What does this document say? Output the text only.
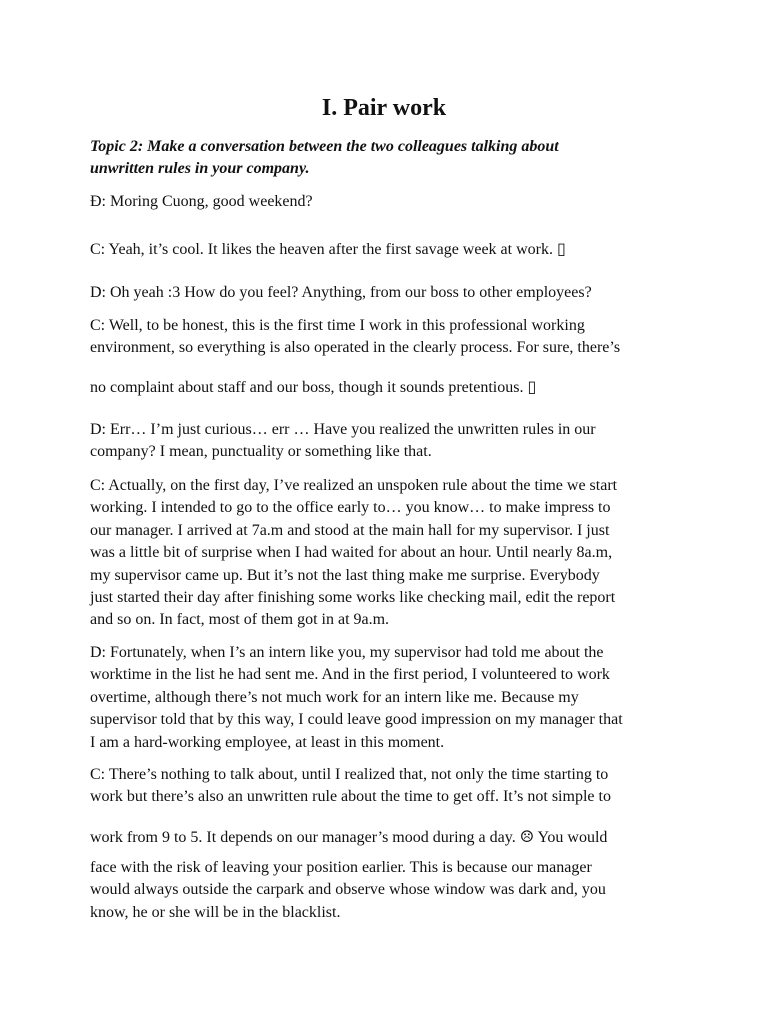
I. Pair work
Topic 2: Make a conversation between the two colleagues talking about
unwritten rules in your company.
Đ: Moring Cuong, good weekend?
C: Yeah, it’s cool. It likes the heaven after the first savage week at work. ▯
D: Oh yeah :3 How do you feel? Anything, from our boss to other employees?
C: Well, to be honest, this is the first time I work in this professional working
environment, so everything is also operated in the clearly process. For sure, there’s
no complaint about staff and our boss, though it sounds pretentious. ▯
D: Err… I’m just curious… err … Have you realized the unwritten rules in our
company? I mean, punctuality or something like that.
C: Actually, on the first day, I’ve realized an unspoken rule about the time we start
working. I intended to go to the office early to… you know… to make impress to
our manager. I arrived at 7a.m and stood at the main hall for my supervisor. I just
was a little bit of surprise when I had waited for about an hour. Until nearly 8a.m,
my supervisor came up. But it’s not the last thing make me surprise. Everybody
just started their day after finishing some works like checking mail, edit the report
and so on. In fact, most of them got in at 9a.m.
D: Fortunately, when I’s an intern like you, my supervisor had told me about the
worktime in the list he had sent me. And in the first period, I volunteered to work
overtime, although there’s not much work for an intern like me. Because my
supervisor told that by this way, I could leave good impression on my manager that
I am a hard-working employee, at least in this moment.
C: There’s nothing to talk about, until I realized that, not only the time starting to
work but there’s also an unwritten rule about the time to get off. It’s not simple to
work from 9 to 5. It depends on our manager’s mood during a day. ☹ You would
face with the risk of leaving your position earlier. This is because our manager
would always outside the carpark and observe whose window was dark and, you
know, he or she will be in the blacklist.
